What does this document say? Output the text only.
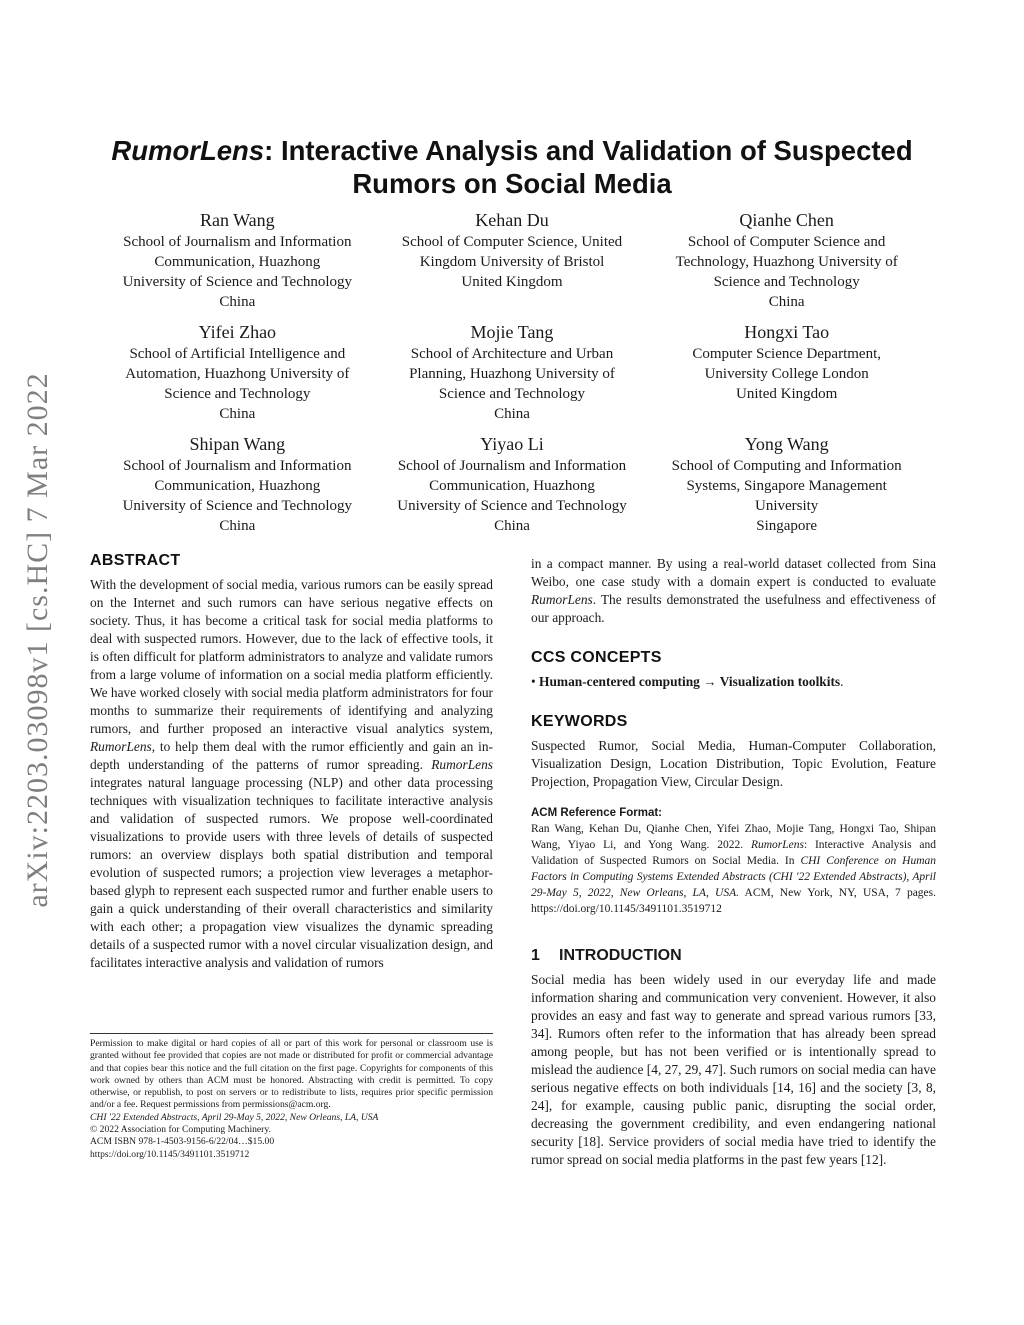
arXiv:2203.03098v1 [cs.HC] 7 Mar 2022
RumorLens: Interactive Analysis and Validation of Suspected Rumors on Social Media
Ran Wang
School of Journalism and Information
Communication, Huazhong
University of Science and Technology
China
Kehan Du
School of Computer Science, United
Kingdom University of Bristol
United Kingdom
Qianhe Chen
School of Computer Science and
Technology, Huazhong University of
Science and Technology
China
Yifei Zhao
School of Artificial Intelligence and
Automation, Huazhong University of
Science and Technology
China
Mojie Tang
School of Architecture and Urban
Planning, Huazhong University of
Science and Technology
China
Hongxi Tao
Computer Science Department,
University College London
United Kingdom
Shipan Wang
School of Journalism and Information
Communication, Huazhong
University of Science and Technology
China
Yiyao Li
School of Journalism and Information
Communication, Huazhong
University of Science and Technology
China
Yong Wang
School of Computing and Information
Systems, Singapore Management
University
Singapore
ABSTRACT

With the development of social media, various rumors can be easily spread on the Internet and such rumors can have serious negative effects on society. Thus, it has become a critical task for social media platforms to deal with suspected rumors. However, due to the lack of effective tools, it is often difficult for platform administrators to analyze and validate rumors from a large volume of information on a social media platform efficiently. We have worked closely with social media platform administrators for four months to summarize their requirements of identifying and analyzing rumors, and further proposed an interactive visual analytics system, RumorLens, to help them deal with the rumor efficiently and gain an in-depth understanding of the patterns of rumor spreading. RumorLens integrates natural language processing (NLP) and other data processing techniques with visualization techniques to facilitate interactive analysis and validation of suspected rumors. We propose well-coordinated visualizations to provide users with three levels of details of suspected rumors: an overview displays both spatial distribution and temporal evolution of suspected rumors; a projection view leverages a metaphor-based glyph to represent each suspected rumor and further enable users to gain a quick understanding of their overall characteristics and similarity with each other; a propagation view visualizes the dynamic spreading details of a suspected rumor with a novel circular visualization design, and facilitates interactive analysis and validation of rumors

Permission to make digital or hard copies of all or part of this work for personal or classroom use is granted without fee provided that copies are not made or distributed for profit or commercial advantage and that copies bear this notice and the full citation on the first page. Copyrights for components of this work owned by others than ACM must be honored. Abstracting with credit is permitted. To copy otherwise, or republish, to post on servers or to redistribute to lists, requires prior specific permission and/or a fee. Request permissions from permissions@acm.org.

CHI '22 Extended Abstracts, April 29-May 5, 2022, New Orleans, LA, USA

© 2022 Association for Computing Machinery.

ACM ISBN 978-1-4503-9156-6/22/04…$15.00

https://doi.org/10.1145/3491101.3519712

in a compact manner. By using a real-world dataset collected from Sina Weibo, one case study with a domain expert is conducted to evaluate RumorLens. The results demonstrated the usefulness and effectiveness of our approach.

CCS CONCEPTS

• Human-centered computing → Visualization toolkits.

KEYWORDS

Suspected Rumor, Social Media, Human-Computer Collaboration, Visualization Design, Location Distribution, Topic Evolution, Feature Projection, Propagation View, Circular Design.

ACM Reference Format:

Ran Wang, Kehan Du, Qianhe Chen, Yifei Zhao, Mojie Tang, Hongxi Tao, Shipan Wang, Yiyao Li, and Yong Wang. 2022. RumorLens: Interactive Analysis and Validation of Suspected Rumors on Social Media. In CHI Conference on Human Factors in Computing Systems Extended Abstracts (CHI '22 Extended Abstracts), April 29-May 5, 2022, New Orleans, LA, USA. ACM, New York, NY, USA, 7 pages. https://doi.org/10.1145/3491101.3519712

1 INTRODUCTION

Social media has been widely used in our everyday life and made information sharing and communication very convenient. However, it also provides an easy and fast way to generate and spread various rumors [33, 34]. Rumors often refer to the information that has already been spread among people, but has not been verified or is intentionally spread to mislead the audience [4, 27, 29, 47]. Such rumors on social media can have serious negative effects on both individuals [14, 16] and the society [3, 8, 24], for example, causing public panic, disrupting the social order, decreasing the government credibility, and even endangering national security [18]. Service providers of social media have tried to identify the rumor spread on social media platforms in the past few years [12].
